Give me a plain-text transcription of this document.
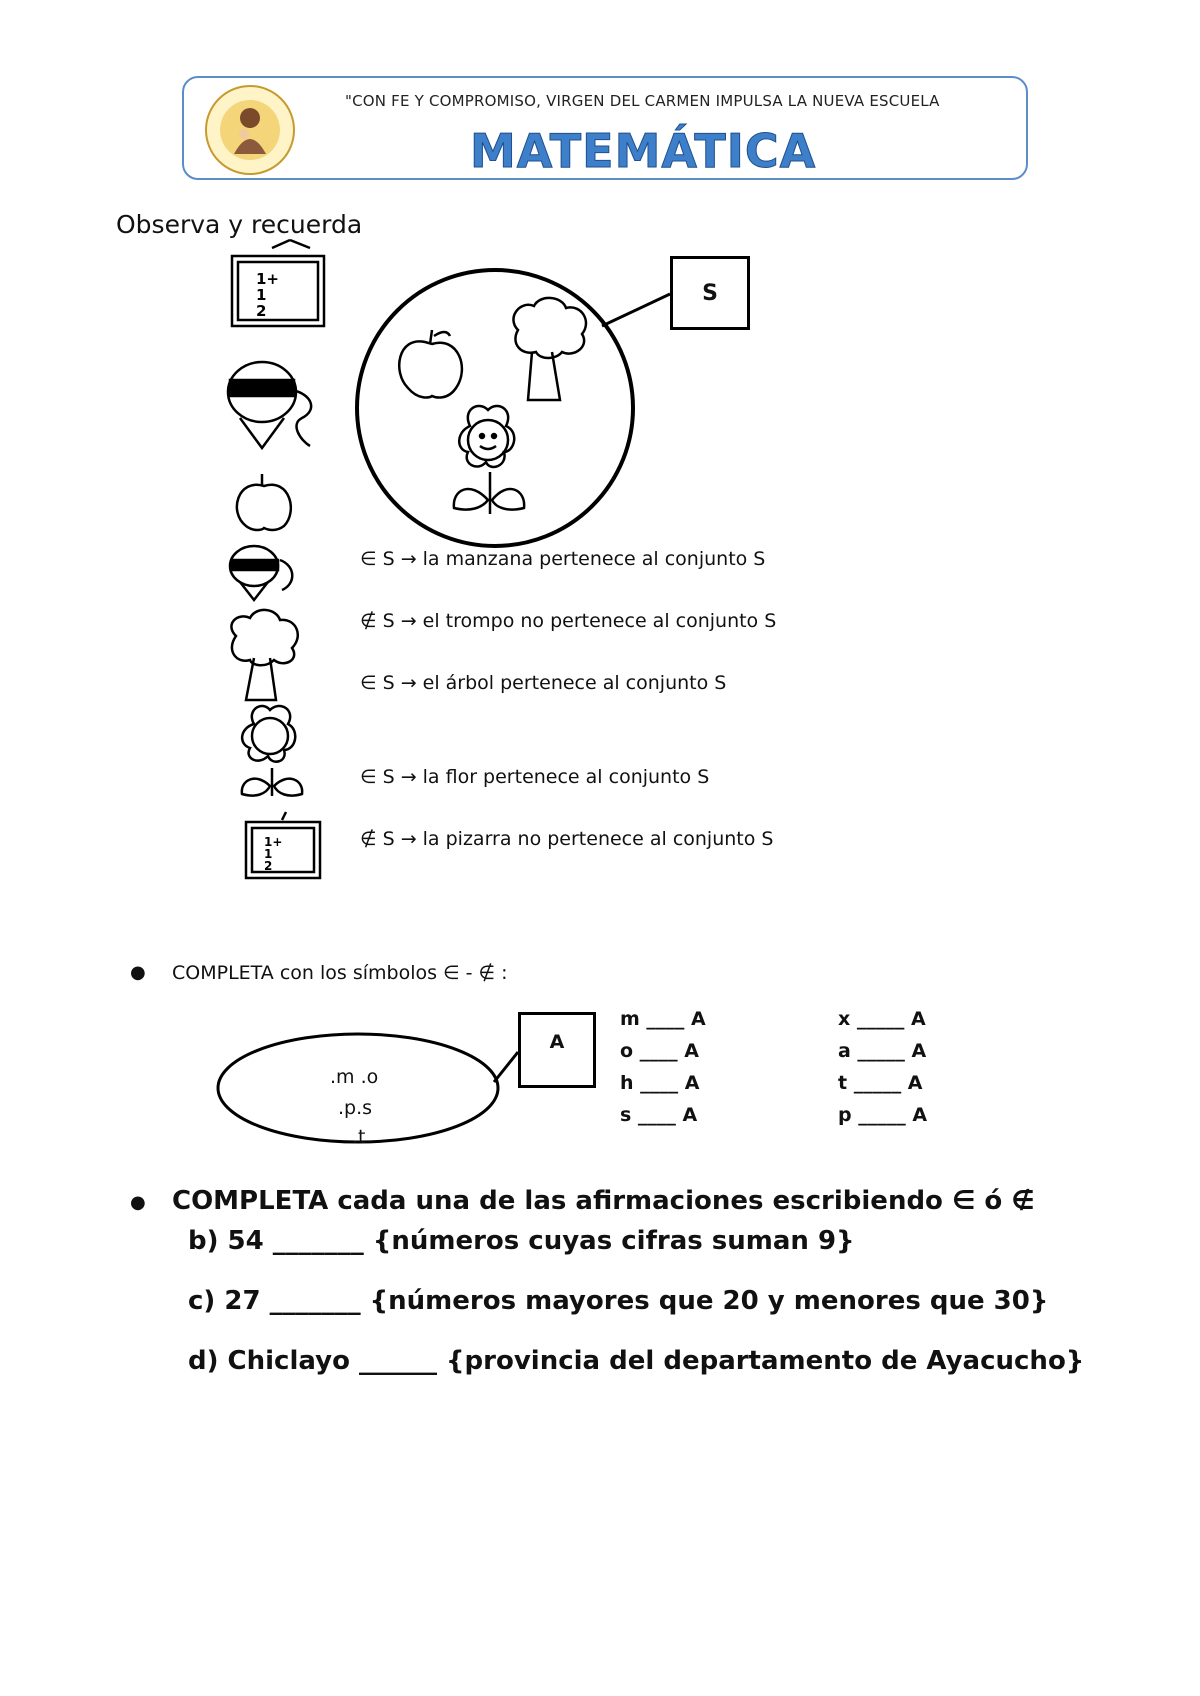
"CON FE Y COMPROMISO, VIRGEN DEL CARMEN IMPULSA LA NUEVA ESCUELA
MATEMÁTICA
Observa y recuerda
1+
1
2
1+
1
2
S
∈ S → la manzana pertenece al conjunto S
∉ S → el trompo no pertenece al conjunto S
∈ S → el árbol pertenece al conjunto S
∈ S → la flor pertenece al conjunto S
∉ S → la pizarra no pertenece al conjunto S
● COMPLETA con los símbolos ∈ - ∉ :
A
.m .o
.p.s
.t
m ____ A
o ____ A
h ____ A
s ____ A
x _____ A
a _____ A
t _____ A
p _____ A
● COMPLETA cada una de las afirmaciones escribiendo ∈ ó ∉
b) 54 _______ {números cuyas cifras suman 9}
c) 27 _______ {números mayores que 20 y menores que 30}
d) Chiclayo ______ {provincia del departamento de Ayacucho}
